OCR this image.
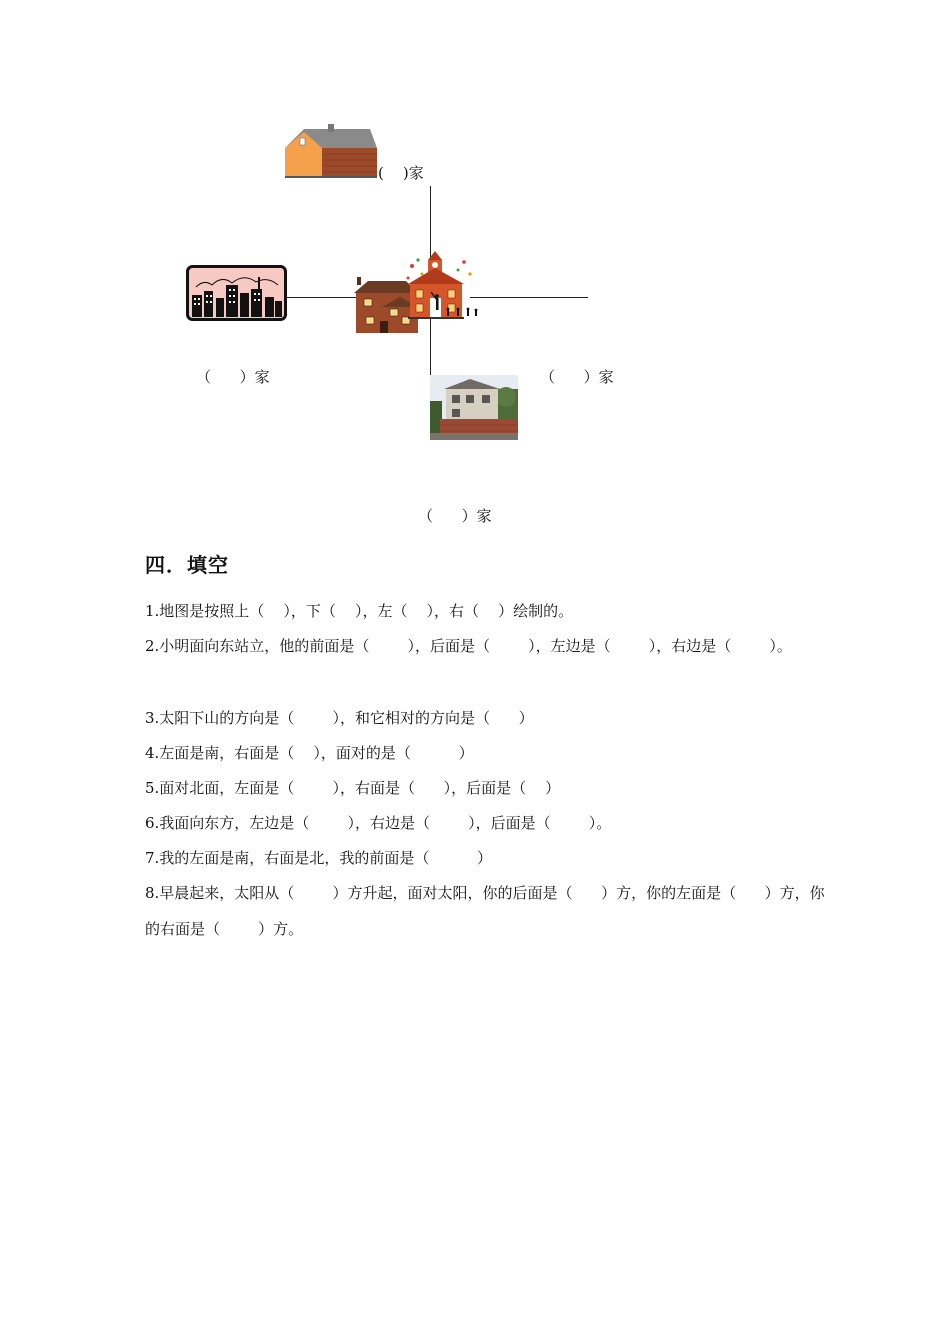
(    )家
（      ）家	（      ）家
（      ）家
四．填空
1.地图是按照上（    ），下（    ），左（    ），右（    ）绘制的。
2.小明面向东站立，他的前面是（        ），后面是（        ），左边是（        ），右边是（        ）。
3.太阳下山的方向是（        ），和它相对的方向是（      ）
4.左面是南，右面是（    ），面对的是（          ）
5.面对北面，左面是（        ），右面是（      ），后面是（    ）
6.我面向东方，左边是（        ），右边是（        ），后面是（        ）。
7.我的左面是南，右面是北，我的前面是（          ）
8.早晨起来，太阳从（        ）方升起，面对太阳，你的后面是（      ）方，你的左面是（      ）方，你的右面是（        ）方。
